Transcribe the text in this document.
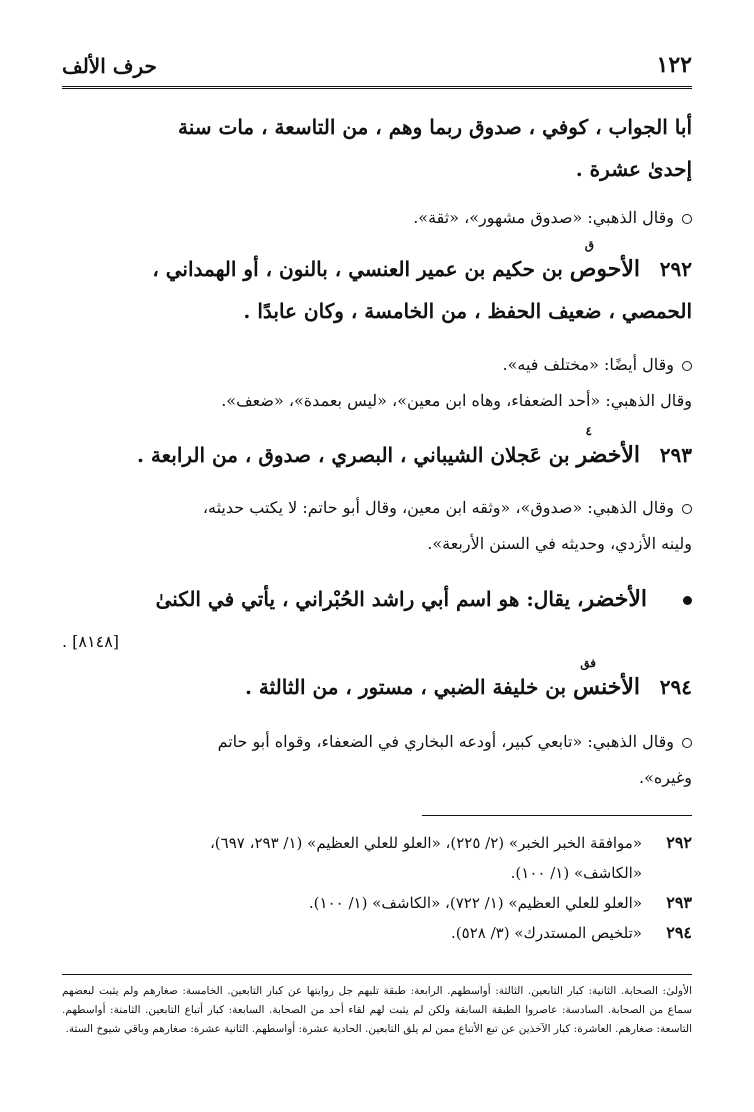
١٢٢
حرف الألف
أبا الجواب ، كوفي ، صدوق ربما وهم ، من التاسعة ، مات سنة
إحدىٰ عشرة .
وقال الذهبي: «صدوق مشهور»، «ثقة».
ق
٢٩٢الأحوص بن حكيم بن عمير العنسي ، بالنون ، أو الهمداني ،
الحمصي ، ضعيف الحفظ ، من الخامسة ، وكان عابدًا .
وقال أيضًا: «مختلف فيه».
وقال الذهبي: «أحد الضعفاء، وهاه ابن معين»، «ليس بعمدة»، «ضعف».
٤
٢٩٣الأخضر بن عَجلان الشيباني ، البصري ، صدوق ، من الرابعة .
وقال الذهبي: «صدوق»، «وثقه ابن معين، وقال أبو حاتم: لا يكتب حديثه،
ولينه الأزدي، وحديثه في السنن الأربعة».
الأخضر، يقال: هو اسم أبي راشد الحُبْراني ، يأتي في الكنىٰ
[٨١٤٨] .
فق
٢٩٤الأخنس بن خليفة الضبي ، مستور ، من الثالثة .
وقال الذهبي: «تابعي كبير، أودعه البخاري في الضعفاء، وقواه أبو حاتم
وغيره».
٢٩٢«موافقة الخبر الخبر» (٢/ ٢٢٥)، «العلو للعلي العظيم» (١/ ٢٩٣، ٦٩٧)،
«الكاشف» (١/ ١٠٠).
٢٩٣«العلو للعلي العظيم» (١/ ٧٢٢)، «الكاشف» (١/ ١٠٠).
٢٩٤«تلخيص المستدرك» (٣/ ٥٢٨).
الأولىٰ: الصحابة. الثانية: كبار التابعين. الثالثة: أواسطهم. الرابعة: طبقة تليهم جل روايتها عن كبار التابعين. الخامسة: صغارهم ولم يثبت لبعضهم سماع من الصحابة. السادسة: عاصروا الطبقة السابقة ولكن لم يثبت لهم لقاء أحد من الصحابة. السابعة: كبار أتباع التابعين. الثامنة: أواسطهم. التاسعة: صغارهم. العاشرة: كبار الآخذين عن تبع الأتباع ممن لم يلق التابعين. الحادية عشرة: أواسطهم. الثانية عشرة: صغارهم وباقي شيوخ الستة.
